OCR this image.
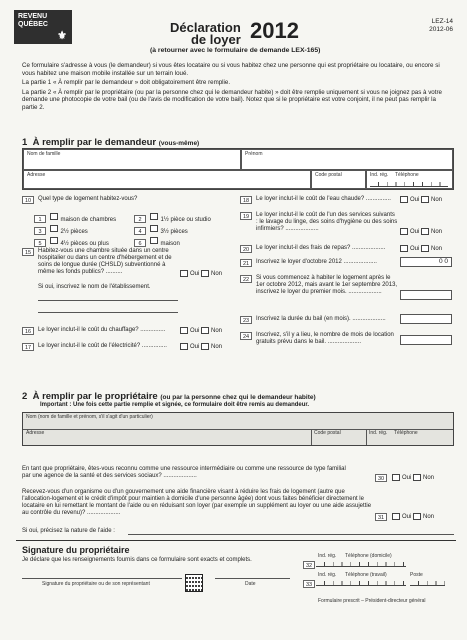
REVENU
QUÉBEC
⚜
Déclaration
de loyer 2012
(à retourner avec le formulaire de demande LEX-165)
LEZ-14
2012-06

Ce formulaire s'adresse à vous (le demandeur) si vous êtes locataire ou si vous habitez chez une personne qui est propriétaire ou locataire, ou encore si vous habitez une maison mobile installée sur un terrain loué.

La partie 1 « À remplir par le demandeur » doit obligatoirement être remplie.

La partie 2 « À remplir par le propriétaire (ou par la personne chez qui le demandeur habite) » doit être remplie uniquement si vous ne joignez pas à votre demande une photocopie de votre bail (ou de l'avis de modification de votre bail). Notez que si le propriétaire est votre conjoint, il ne peut pas remplir la partie 2.

1 À remplir par le demandeur (vous-même)
Nom de famille	Prénom
Adresse	Code postal	Ind. rég. Téléphone
10	Quel type de logement habitez-vous?
1	maison de chambres	2	1½ pièce ou studio
3	2½ pièces	4	3½ pièces
5	4½ pièces ou plus	6	maison
15	Habitez-vous une chambre située dans un centre hospitalier ou dans un centre d'hébergement et de soins de longue durée (CHSLD) subventionné à même les fonds publics? ..........	Oui Non
Si oui, inscrivez le nom de l'établissement.
16	Le loyer inclut-il le coût du chauffage? ...............	Oui Non
17	Le loyer inclut-il le coût de l'électricité? ...............	Oui Non
18	Le loyer inclut-il le coût de l'eau chaude? ...............	Oui Non
19	Le loyer inclut-il le coût de l'un des services suivants : le lavage du linge, des soins d'hygiène ou des soins infirmiers? ....................
Oui Non
20	Le loyer inclut-il des frais de repas? ....................	Oui Non
21	Inscrivez le loyer d'octobre 2012 ....................	0 0
22	Si vous commencez à habiter le logement après le 1er octobre 2012, mais avant le 1er septembre 2013, inscrivez le loyer du premier mois. ....................
23	Inscrivez la durée du bail (en mois). ....................
24	Inscrivez, s'il y a lieu, le nombre de mois de location gratuits prévu dans le bail. ....................
2 À remplir par le propriétaire (ou par la personne chez qui le demandeur habite)
Important : Une fois cette partie remplie et signée, ce formulaire doit être remis au demandeur.
Nom (nom de famille et prénom, s'il s'agit d'un particulier)
Adresse	Code postal	Ind. rég. Téléphone
En tant que propriétaire, êtes-vous reconnu comme une ressource intermédiaire ou comme une ressource de type familial par une agence de la santé et des services sociaux? ....................	30	Oui Non
Recevez-vous d'un organisme ou d'un gouvernement une aide financière visant à réduire les frais de logement (autre que l'allocation-logement et le crédit d'impôt pour maintien à domicile d'une personne âgée) dont vous faites bénéficier directement le locataire en lui remettant le montant de l'aide ou en réduisant son loyer (par exemple un supplément au loyer ou une aide assujettie au contrôle du revenu)? ....................
31	Oui Non
Si oui, précisez la nature de l'aide :
Signature du propriétaire
Je déclare que les renseignements fournis dans ce formulaire sont exacts et complets.
Signature du propriétaire ou de son représentant	Date
Ind. rég. Téléphone (domicile)
32
Ind. rég. Téléphone (travail)	Poste
33
Formulaire prescrit – Président-directeur général
